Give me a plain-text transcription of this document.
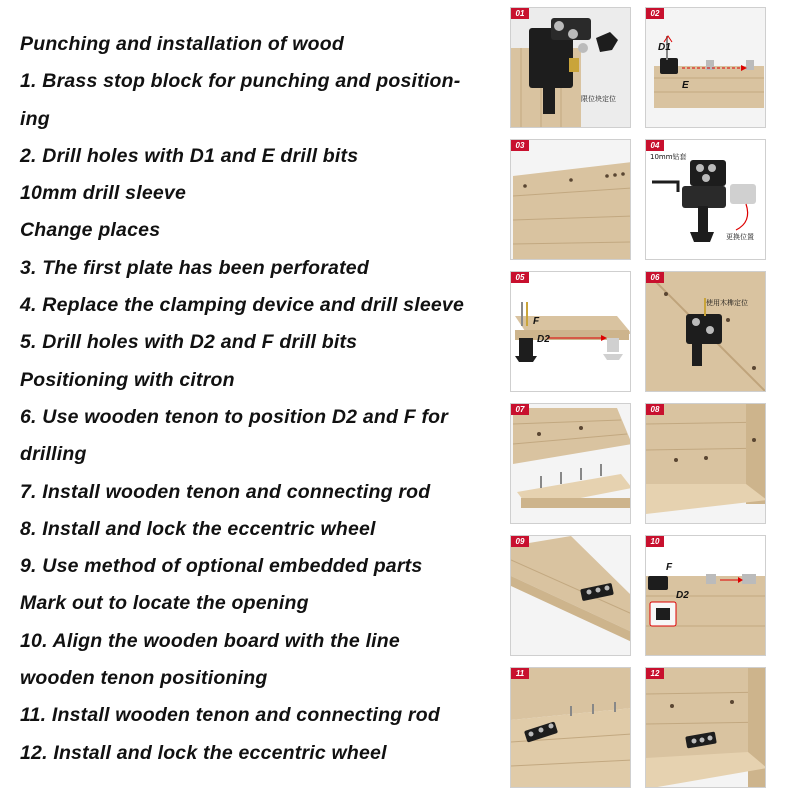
Punching and installation of wood
1. Brass stop block for punching and position-
ing
2. Drill holes with D1 and E drill bits
10mm drill sleeve
Change places
3. The first plate has been perforated
4. Replace the clamping device and drill sleeve
5. Drill holes with D2 and F drill bits
Positioning with citron
6. Use wooden tenon to position D2 and F for
drilling
7. Install wooden tenon and connecting rod
8. Install and lock the eccentric wheel
9. Use method of optional embedded parts
Mark out to locate the opening
10. Align the wooden board with the line
wooden tenon positioning
11. Install wooden tenon and connecting rod
12. Install and lock the eccentric wheel
01
限位块定位
02
D1
E
03	04
10mm钻套
更换位置
05
F
D2
06
使用木榫定位
07	08
09	10
F
D2
11	12
